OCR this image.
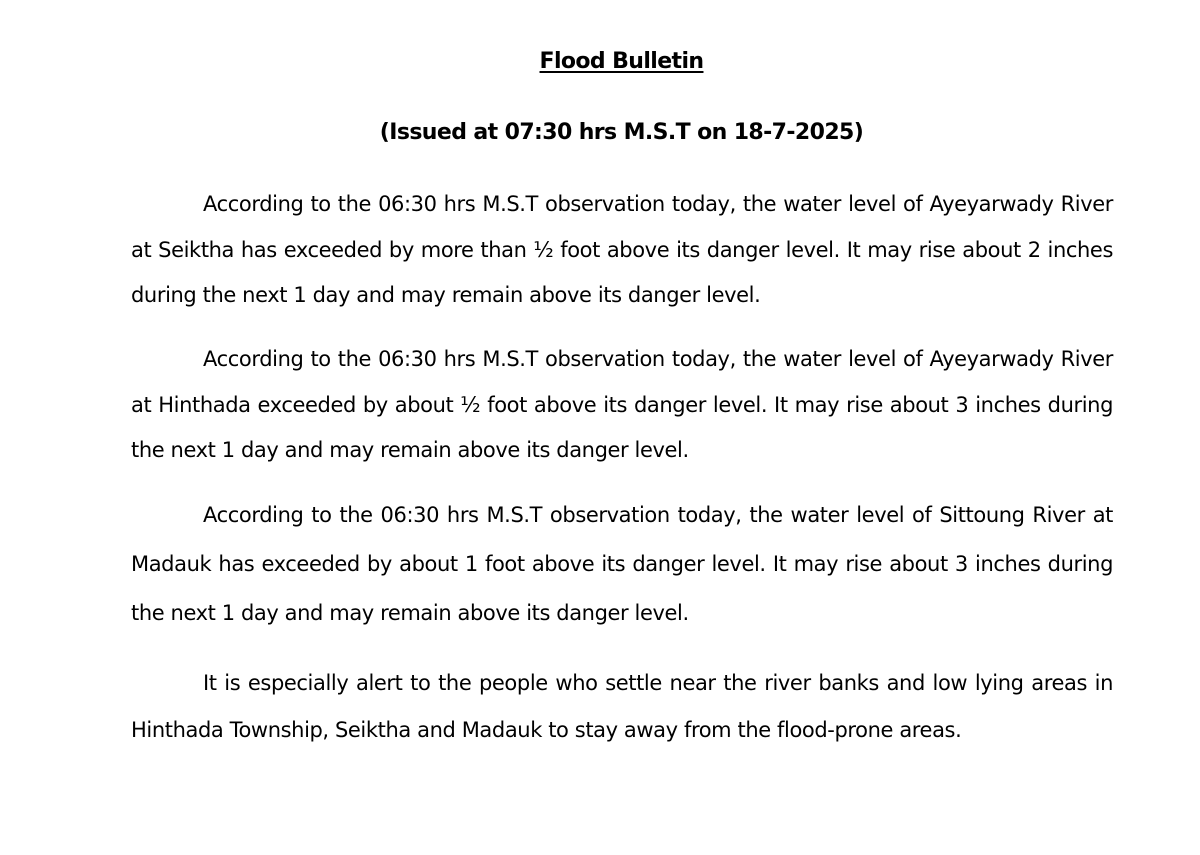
Flood Bulletin

(Issued at 07:30 hrs M.S.T on 18-7-2025)

According to the 06:30 hrs M.S.T observation today, the water level of Ayeyarwady River at Seiktha has exceeded by more than ½ foot above its danger level. It may rise about 2 inches during the next 1 day and may remain above its danger level.

According to the 06:30 hrs M.S.T observation today, the water level of Ayeyarwady River at Hinthada exceeded by about ½ foot above its danger level. It may rise about 3 inches during the next 1 day and may remain above its danger level.

According to the 06:30 hrs M.S.T observation today, the water level of Sittoung River at Madauk has exceeded by about 1 foot above its danger level. It may rise about 3 inches during the next 1 day and may remain above its danger level.

It is especially alert to the people who settle near the river banks and low lying areas in Hinthada Township, Seiktha and Madauk to stay away from the flood-prone areas.
